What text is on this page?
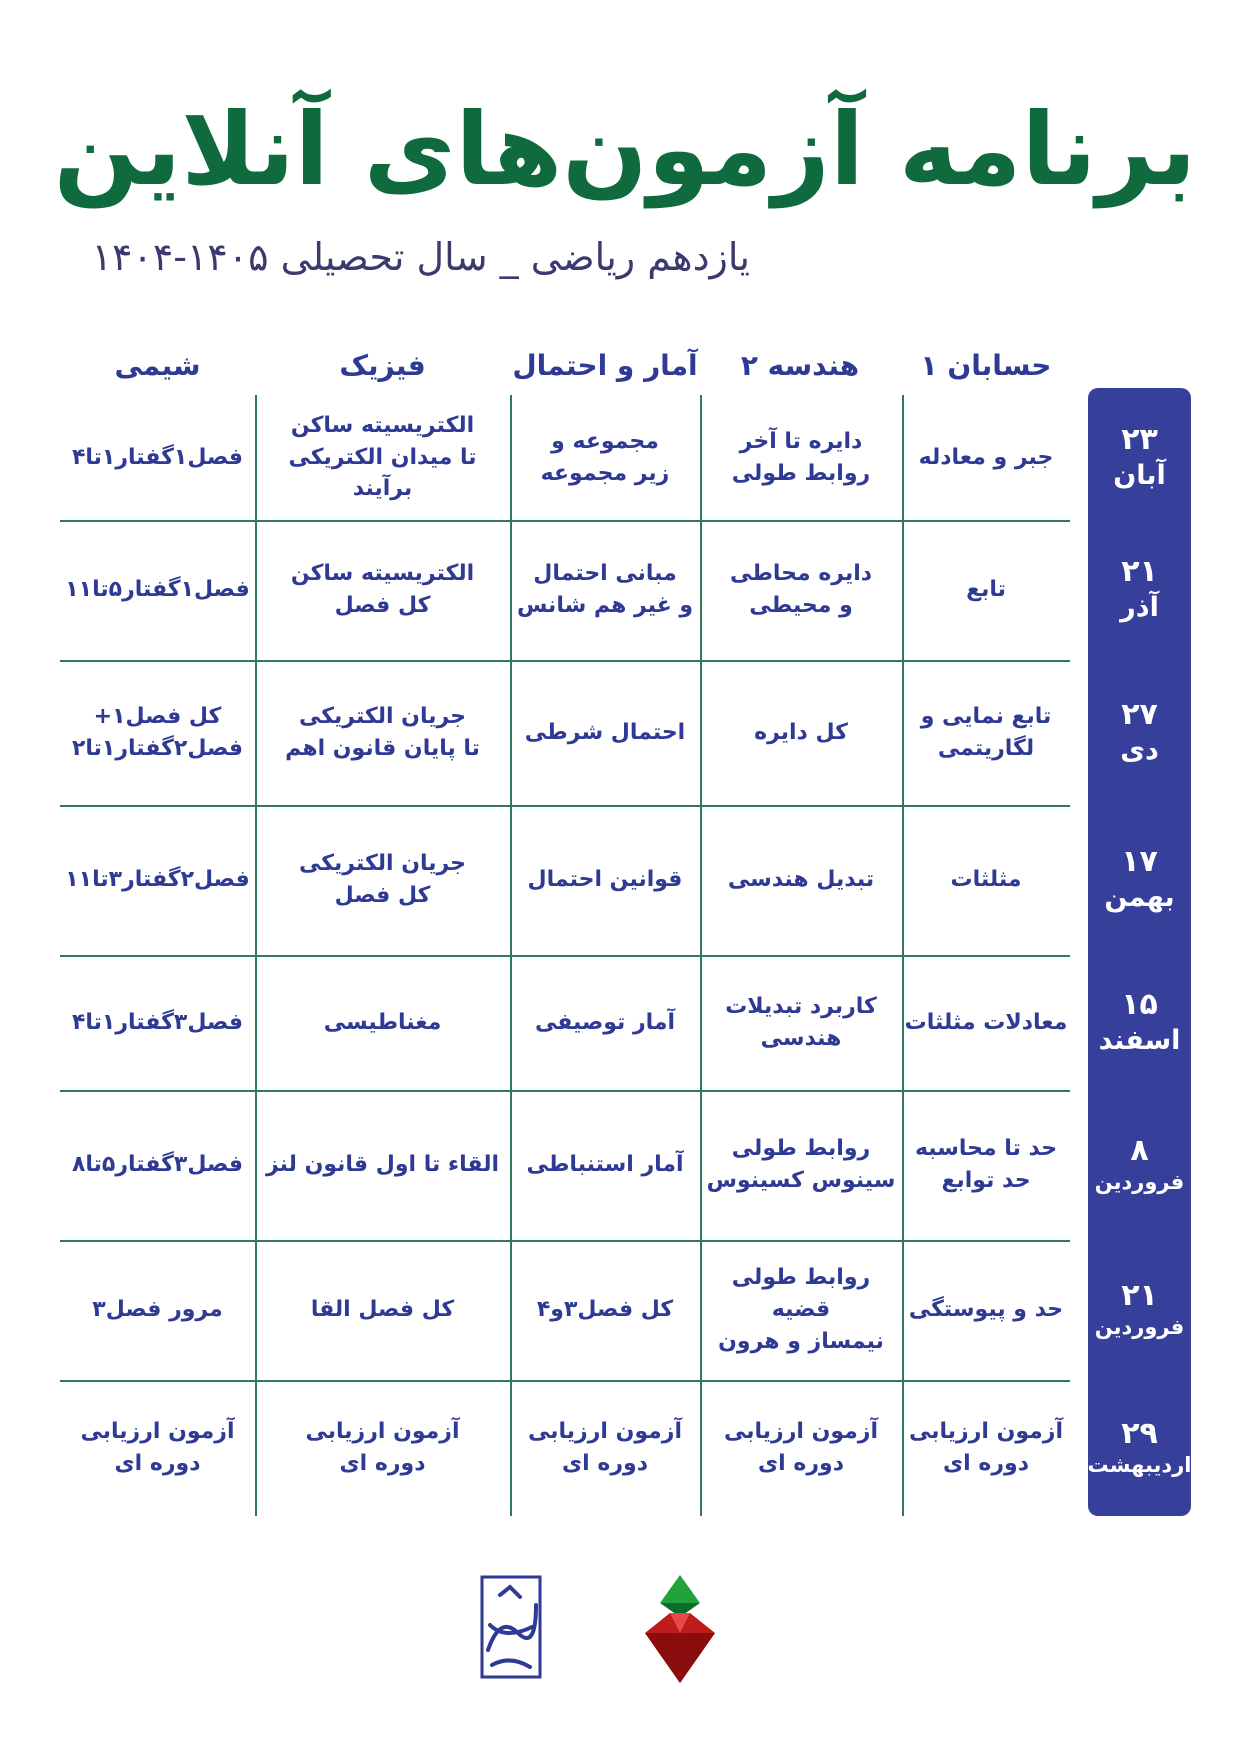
برنامه آزمون‌های آنلاین
یازدهم ریاضی _ سال تحصیلی ۱۴۰۵-۱۴۰۴
حسابان ۱
هندسه ۲
آمار و احتمال
فیزیک
شیمی
۲۳
آبان
۲۱
آذر
۲۷
دی
۱۷
بهمن
۱۵
اسفند
۸
فروردین
۲۱
فروردین
۲۹
اردیبهشت
جبر و معادله
دایره تا آخر
روابط طولی
مجموعه و
زیر مجموعه
الکتریسیته ساکن
تا میدان الکتریکی برآیند
فصل۱گفتار۱تا۴
تابع
دایره محاطی
و محیطی
مبانی احتمال
و غیر هم شانس
الکتریسیته ساکن
کل فصل
فصل۱گفتار۵تا۱۱
تابع نمایی و
لگاریتمی
کل دایره
احتمال شرطی
جریان الکتریکی
تا پایان قانون اهم
کل فصل۱+
فصل۲گفتار۱تا۲
مثلثات
تبدیل هندسی
قوانین احتمال
جریان الکتریکی
کل فصل
فصل۲گفتار۳تا۱۱
معادلات مثلثات
کاربرد تبدیلات
هندسی
آمار توصیفی
مغناطیسی
فصل۳گفتار۱تا۴
حد تا محاسبه
حد توابع
روابط طولی
سینوس کسینوس
آمار استنباطی
القاء تا اول قانون لنز
فصل۳گفتار۵تا۸
حد و پیوستگی
روابط طولی قضیه
نیمساز و هرون
کل فصل۳و۴
کل فصل القا
مرور فصل۳
آزمون ارزیابی
دوره ای
آزمون ارزیابی
دوره ای
آزمون ارزیابی
دوره ای
آزمون ارزیابی
دوره ای
آزمون ارزیابی
دوره ای
